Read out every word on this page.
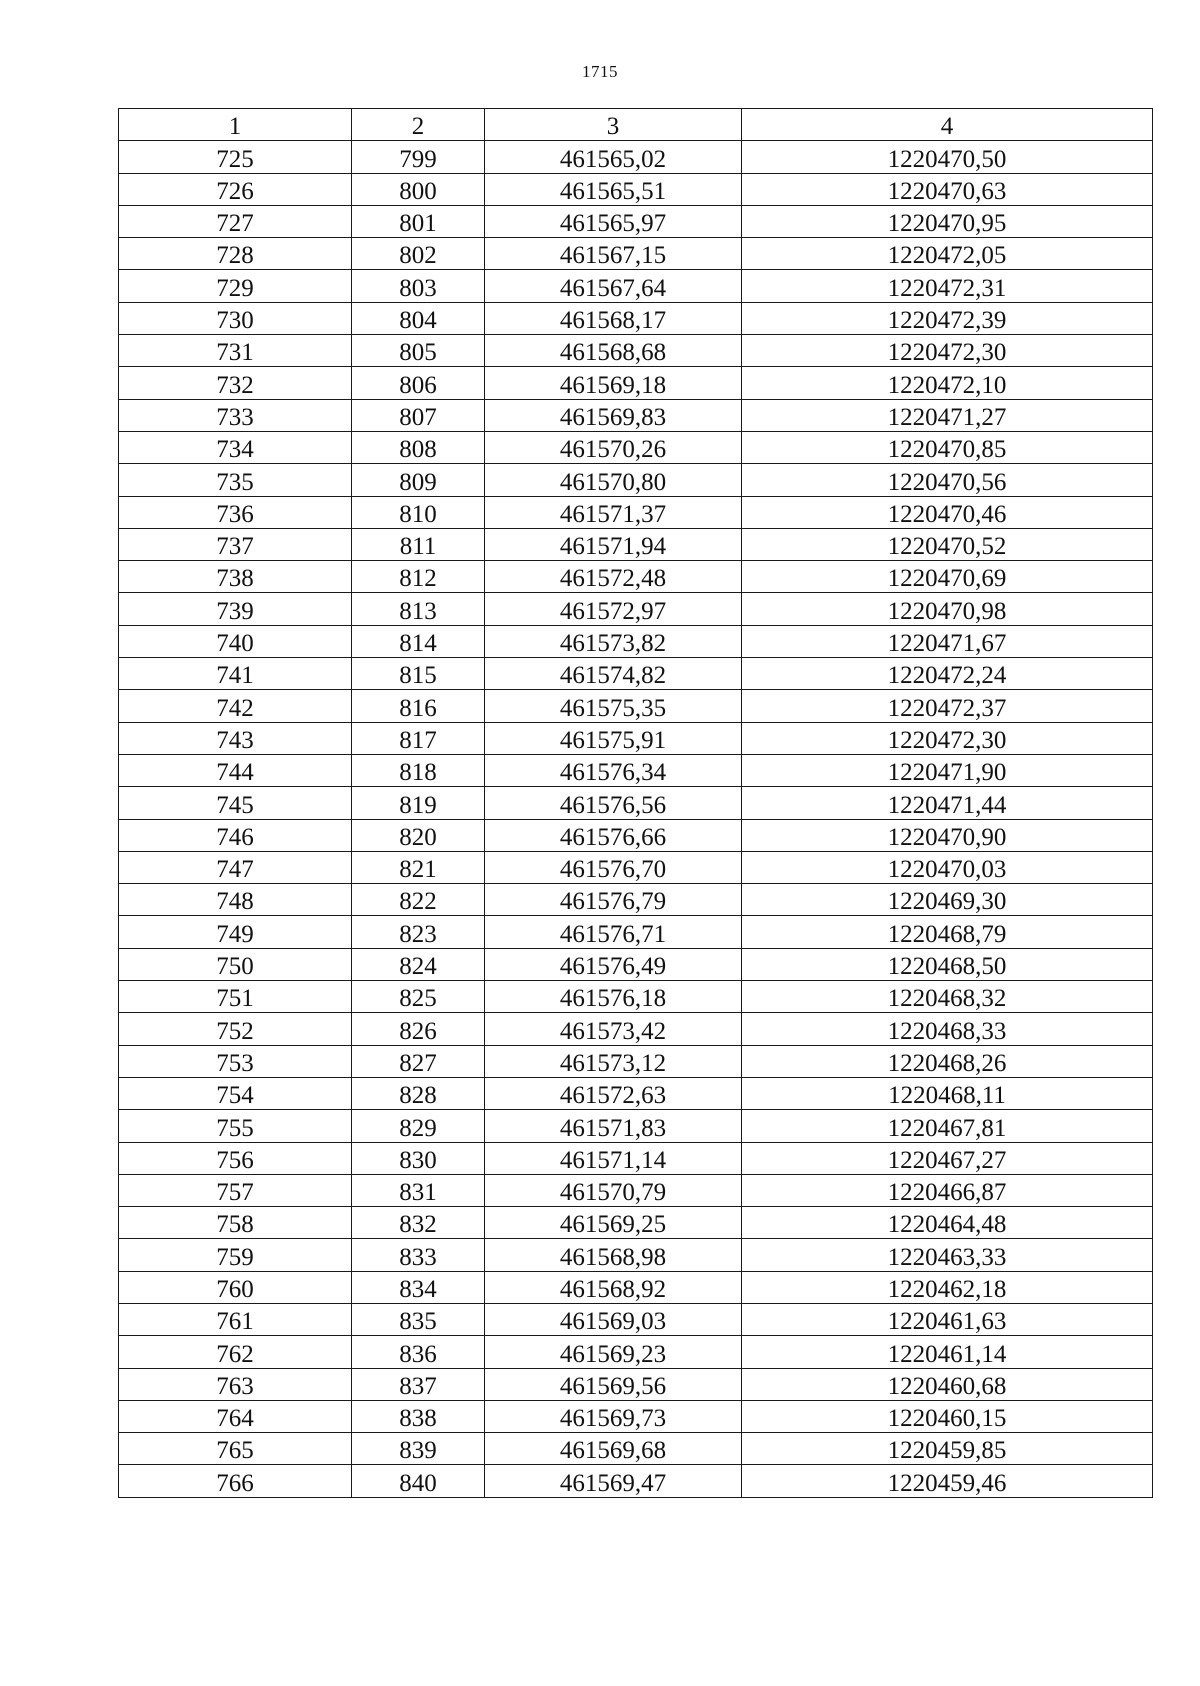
1715
1	2	3	4
725	799	461565,02	1220470,50
726	800	461565,51	1220470,63
727	801	461565,97	1220470,95
728	802	461567,15	1220472,05
729	803	461567,64	1220472,31
730	804	461568,17	1220472,39
731	805	461568,68	1220472,30
732	806	461569,18	1220472,10
733	807	461569,83	1220471,27
734	808	461570,26	1220470,85
735	809	461570,80	1220470,56
736	810	461571,37	1220470,46
737	811	461571,94	1220470,52
738	812	461572,48	1220470,69
739	813	461572,97	1220470,98
740	814	461573,82	1220471,67
741	815	461574,82	1220472,24
742	816	461575,35	1220472,37
743	817	461575,91	1220472,30
744	818	461576,34	1220471,90
745	819	461576,56	1220471,44
746	820	461576,66	1220470,90
747	821	461576,70	1220470,03
748	822	461576,79	1220469,30
749	823	461576,71	1220468,79
750	824	461576,49	1220468,50
751	825	461576,18	1220468,32
752	826	461573,42	1220468,33
753	827	461573,12	1220468,26
754	828	461572,63	1220468,11
755	829	461571,83	1220467,81
756	830	461571,14	1220467,27
757	831	461570,79	1220466,87
758	832	461569,25	1220464,48
759	833	461568,98	1220463,33
760	834	461568,92	1220462,18
761	835	461569,03	1220461,63
762	836	461569,23	1220461,14
763	837	461569,56	1220460,68
764	838	461569,73	1220460,15
765	839	461569,68	1220459,85
766	840	461569,47	1220459,46
